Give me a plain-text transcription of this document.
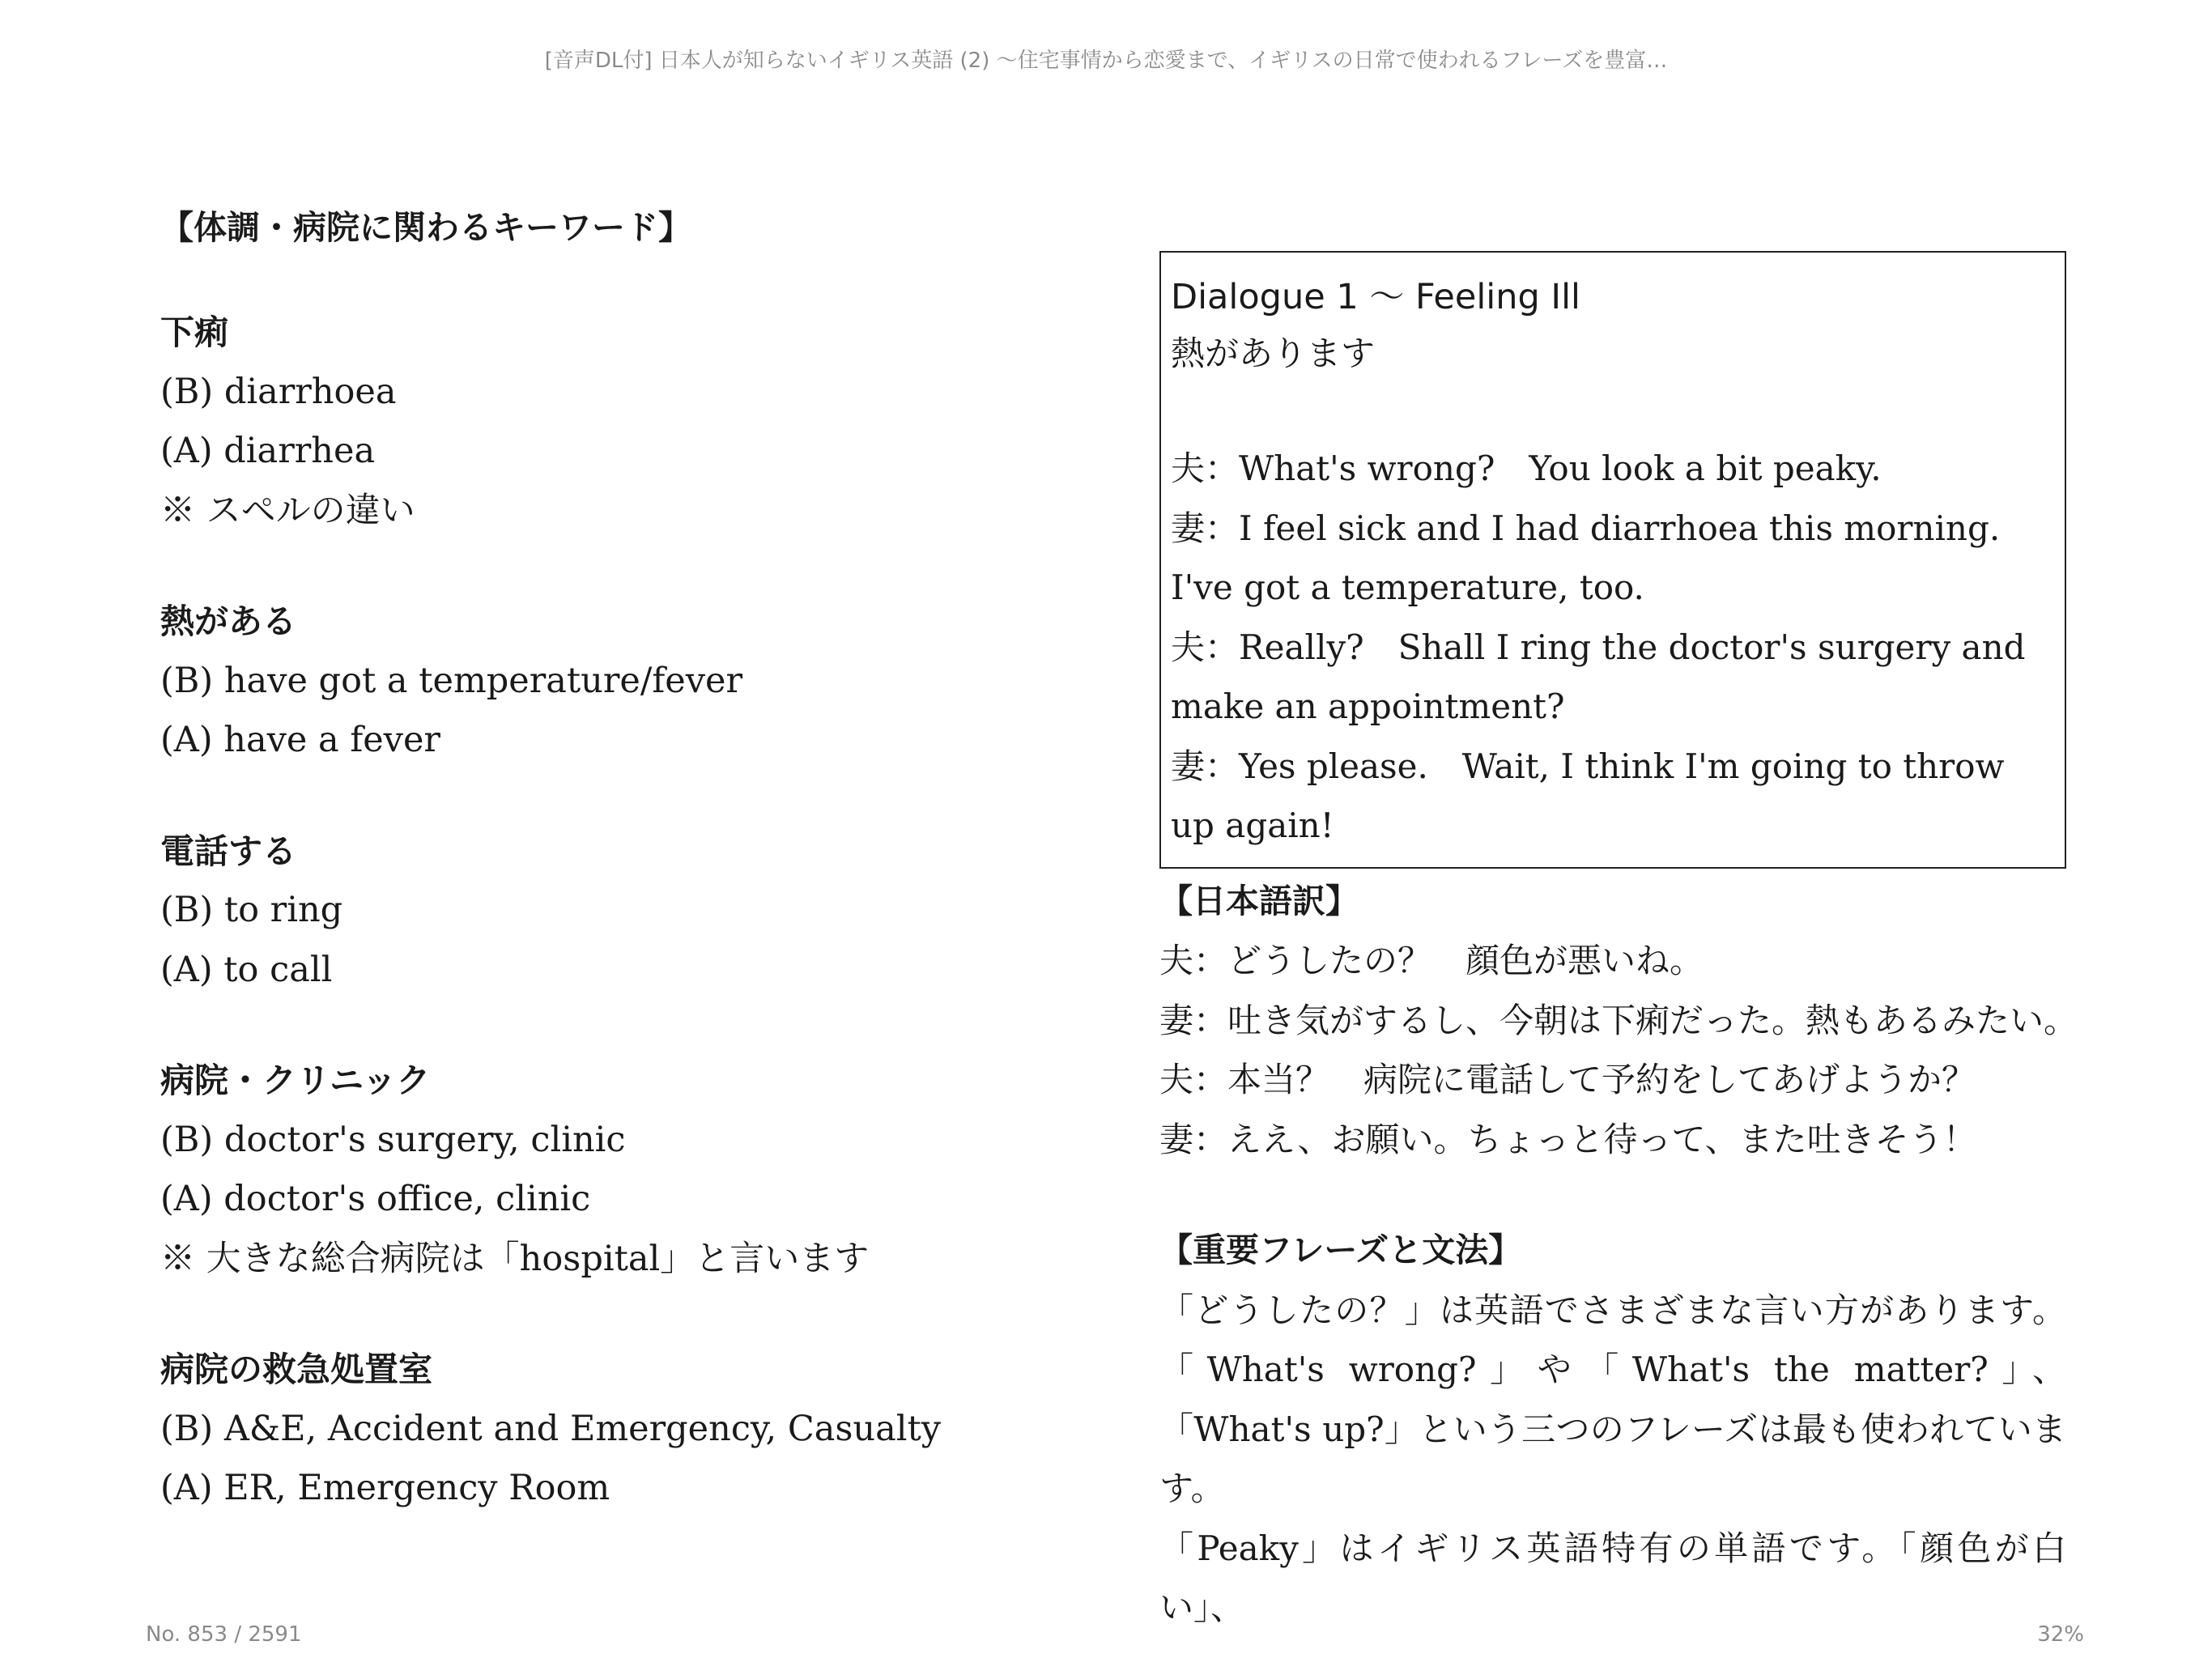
[音声DL付] 日本人が知らないイギリス英語 (2) 〜住宅事情から恋愛まで、イギリスの日常で使われるフレーズを豊富…
【体調・病院に関わるキーワード】
下痢
(B) diarrhoea
(A) diarrhea
※ スペルの違い
熱がある
(B) have got a temperature/fever
(A) have a fever
電話する
(B) to ring
(A) to call
病院・クリニック
(B) doctor's surgery, clinic
(A) doctor's office, clinic
※ 大きな総合病院は「hospital」と言います
病院の救急処置室
(B) A&E, Accident and Emergency, Casualty
(A) ER, Emergency Room
Dialogue 1 〜 Feeling Ill
熱があります
夫：What's wrong?　You look a bit peaky.
妻：I feel sick and I had diarrhoea this morning.　I've got a temperature, too.
夫：Really?　Shall I ring the doctor's surgery and make an appointment?
妻：Yes please.　Wait, I think I'm going to throw up again!
【日本語訳】
夫：どうしたの？　顔色が悪いね。
妻：吐き気がするし、今朝は下痢だった。熱もあるみたい。
夫：本当？　病院に電話して予約をしてあげようか？
妻：ええ、お願い。ちょっと待って、また吐きそう！
【重要フレーズと文法】
「どうしたの？」は英語でさまざまな言い方があります。「What's wrong?」や「What's the matter?」、「What's up?」という三つのフレーズは最も使われています。
「Peaky」はイギリス英語特有の単語です。「顔色が白い」、
No. 853 / 2591	32%
